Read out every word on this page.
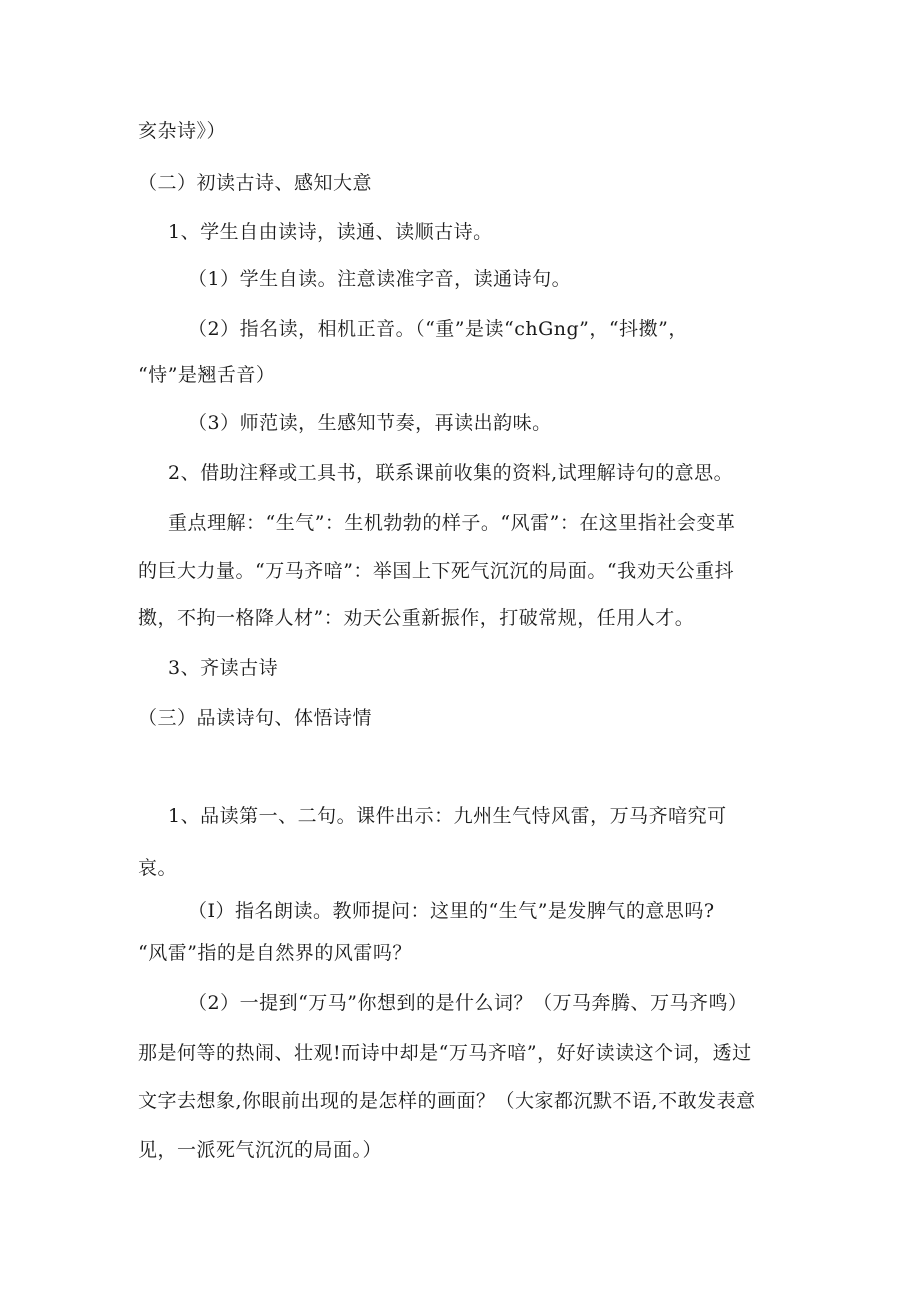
亥杂诗》）
（二）初读古诗、感知大意
1、学生自由读诗，读通、读顺古诗。
（1）学生自读。注意读准字音，读通诗句。
（2）指名读，相机正音。（“重”是读“chGng”，“抖擞”，
“恃”是翘舌音）
（3）师范读，生感知节奏，再读出韵味。
2、借助注释或工具书，联系课前收集的资料,试理解诗句的意思。
重点理解：“生气”：生机勃勃的样子。“风雷”：在这里指社会变革
的巨大力量。“万马齐喑”：举国上下死气沉沉的局面。“我劝天公重抖
擞，不拘一格降人材”：劝天公重新振作，打破常规，任用人才。
3、齐读古诗
（三）品读诗句、体悟诗情
1、品读第一、二句。课件出示：九州生气恃风雷，万马齐喑究可
哀。
（I）指名朗读。教师提问：这里的“生气”是发脾气的意思吗?
“风雷”指的是自然界的风雷吗？
（2）一提到“万马”你想到的是什么词？（万马奔腾、万马齐鸣）
那是何等的热闹、壮观!而诗中却是“万马齐喑”，好好读读这个词，透过
文字去想象,你眼前出现的是怎样的画面？（大家都沉默不语,不敢发表意
见，一派死气沉沉的局面。）
